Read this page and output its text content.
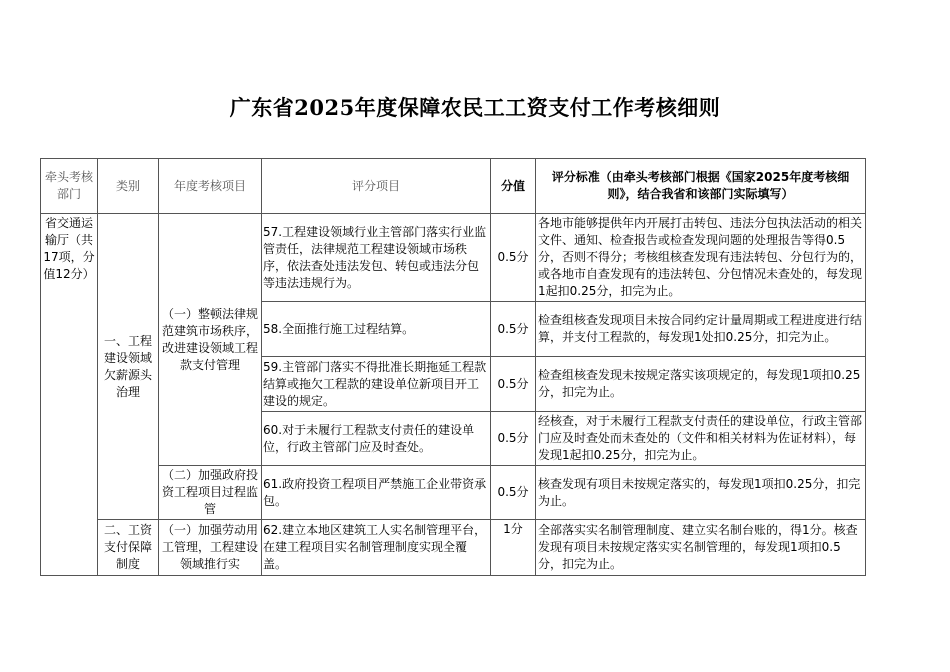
广东省2025年度保障农民工工资支付工作考核细则
牵头考核部门	类别	年度考核项目	评分项目	分值	评分标准（由牵头考核部门根据《国家2025年度考核细则》，结合我省和该部门实际填写）
省交通运输厅（共17项，分值12分）	一、工程建设领域欠薪源头治理	（一）整顿法律规范建筑市场秩序，改进建设领域工程款支付管理	57.工程建设领域行业主管部门落实行业监管责任，法律规范工程建设领域市场秩序，依法查处违法发包、转包或违法分包等违法违规行为。	0.5分	各地市能够提供年内开展打击转包、违法分包执法活动的相关文件、通知、检查报告或检查发现问题的处理报告等得0.5分，否则不得分；考核组核查发现有违法转包、分包行为的，或各地市自查发现有的违法转包、分包情况未查处的，每发现1起扣0.25分，扣完为止。
			58.全面推行施工过程结算。	0.5分	检查组核查发现项目未按合同约定计量周期或工程进度进行结算，并支付工程款的，每发现1处扣0.25分，扣完为止。
			59.主管部门落实不得批准长期拖延工程款结算或拖欠工程款的建设单位新项目开工建设的规定。	0.5分	检查组核查发现未按规定落实该项规定的，每发现1项扣0.25分，扣完为止。
			60.对于未履行工程款支付责任的建设单位，行政主管部门应及时查处。	0.5分	经核查，对于未履行工程款支付责任的建设单位，行政主管部门应及时查处而未查处的（文件和相关材料为佐证材料），每发现1起扣0.25分，扣完为止。
		（二）加强政府投资工程项目过程监管	61.政府投资工程项目严禁施工企业带资承包。	0.5分	核查发现有项目未按规定落实的，每发现1项扣0.25分，扣完为止。
	二、工资支付保障制度	（一）加强劳动用工管理，工程建设领域推行实	62.建立本地区建筑工人实名制管理平台，在建工程项目实名制管理制度实现全覆盖。	1分	全部落实实名制管理制度、建立实名制台账的，得1分。核查发现有项目未按规定落实实名制管理的，每发现1项扣0.5分，扣完为止。
